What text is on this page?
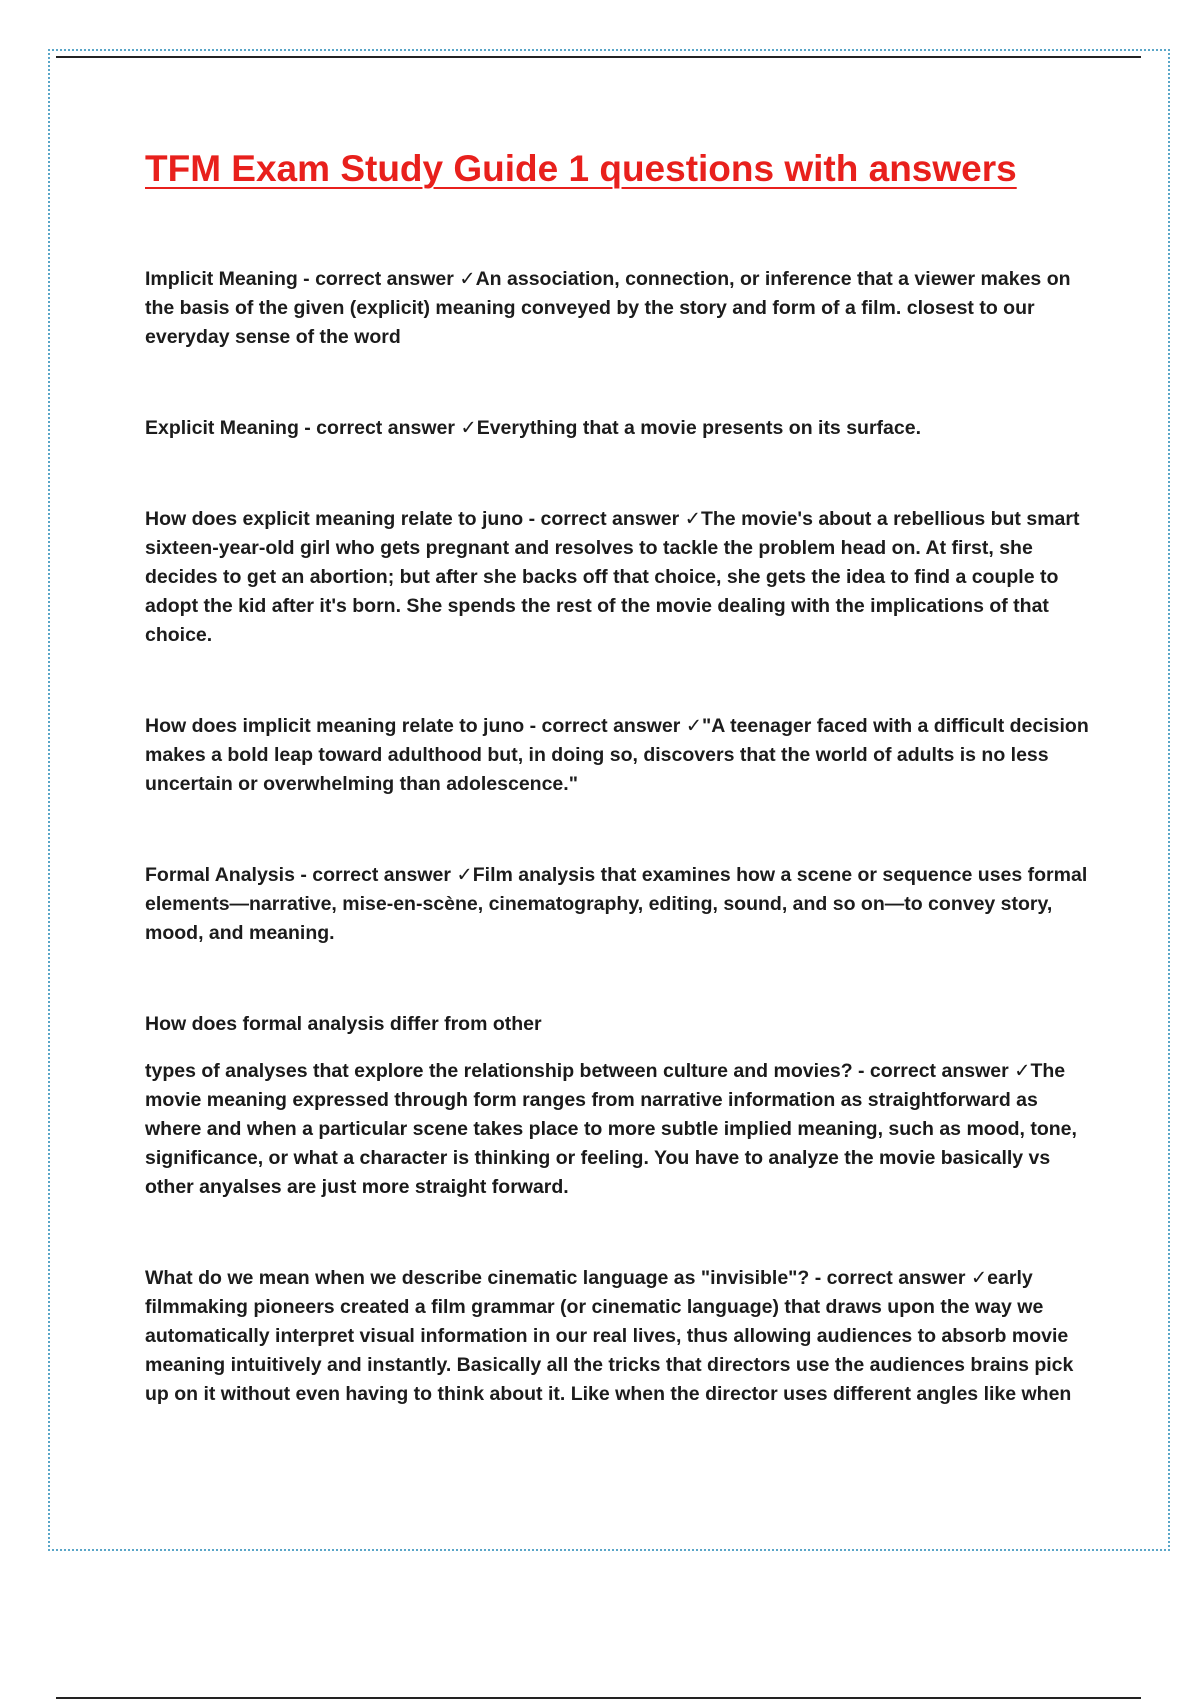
TFM Exam Study Guide 1 questions with answers

Implicit Meaning - correct answer ✓An association, connection, or inference that a viewer makes on the basis of the given (explicit) meaning conveyed by the story and form of a film. closest to our everyday sense of the word

Explicit Meaning - correct answer ✓Everything that a movie presents on its surface.

How does explicit meaning relate to juno - correct answer ✓The movie's about a rebellious but smart sixteen-year-old girl who gets pregnant and resolves to tackle the problem head on. At first, she decides to get an abortion; but after she backs off that choice, she gets the idea to find a couple to adopt the kid after it's born. She spends the rest of the movie dealing with the implications of that choice.

How does implicit meaning relate to juno - correct answer ✓"A teenager faced with a difficult decision makes a bold leap toward adulthood but, in doing so, discovers that the world of adults is no less uncertain or overwhelming than adolescence."

Formal Analysis - correct answer ✓Film analysis that examines how a scene or sequence uses formal elements—narrative, mise-en-scène, cinematography, editing, sound, and so on—to convey story, mood, and meaning.

How does formal analysis differ from other

types of analyses that explore the relationship between culture and movies? - correct answer ✓The movie meaning expressed through form ranges from narrative information as straightforward as where and when a particular scene takes place to more subtle implied meaning, such as mood, tone, significance, or what a character is thinking or feeling. You have to analyze the movie basically vs other anyalses are just more straight forward.

What do we mean when we describe cinematic language as "invisible"? - correct answer ✓early filmmaking pioneers created a film grammar (or cinematic language) that draws upon the way we automatically interpret visual information in our real lives, thus allowing audiences to absorb movie meaning intuitively and instantly. Basically all the tricks that directors use the audiences brains pick up on it without even having to think about it. Like when the director uses different angles like when
